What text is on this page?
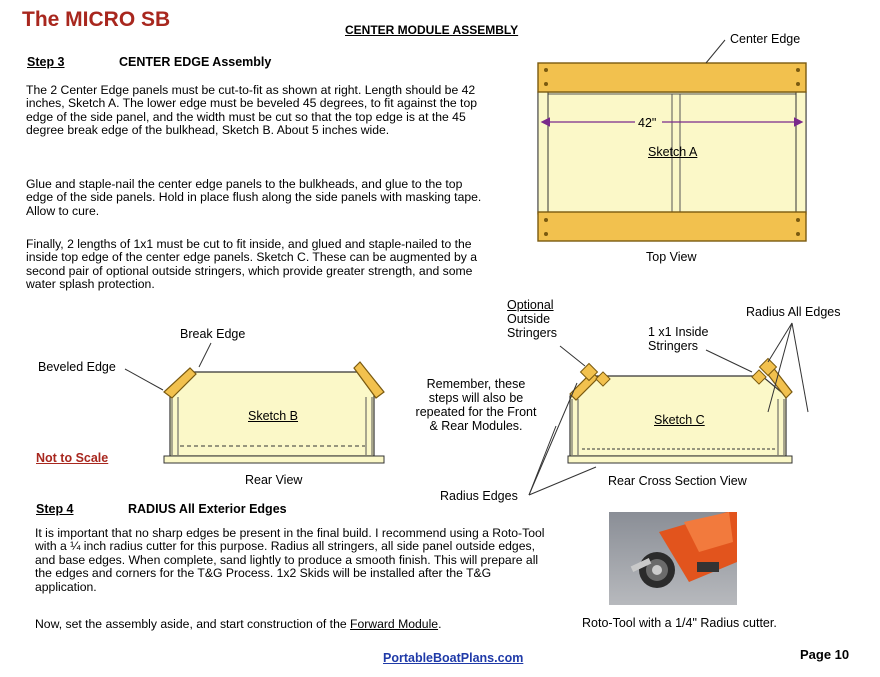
The MICRO SB	CENTER MODULE ASSEMBLY
Step 3	CENTER EDGE Assembly
The 2 Center Edge panels must be cut-to-fit as shown at right. Length should be 42 inches, Sketch A. The lower edge must be beveled 45 degrees, to fit against the top edge of the side panel, and the width must be cut so that the top edge is at the 45 degree break edge of the bulkhead, Sketch B. About 5 inches wide.
Glue and staple-nail the center edge panels to the bulkheads, and glue to the top edge of the side panels. Hold in place flush along the side panels with masking tape. Allow to cure.
Finally, 2 lengths of 1x1 must be cut to fit inside, and glued and staple-nailed to the inside top edge of the center edge panels. Sketch C. These can be augmented by a second pair of optional outside stringers, which provide greater strength, and some water splash protection.
Center Edge
42"
Sketch A
Top View
Break Edge
Beveled Edge
Sketch B
Rear View
Not to Scale
Remember, these steps will also be repeated for the Front & Rear Modules.
Optional
Outside
Stringers	1 x1 Inside
Stringers
Radius All Edges
Sketch C
Radius Edges
Rear Cross Section View
Step 4	RADIUS All Exterior Edges
It is important that no sharp edges be present in the final build. I recommend using a Roto-Tool with a ¼ inch radius cutter for this purpose. Radius all stringers, all side panel outside edges, and base edges. When complete, sand lightly to produce a smooth finish. This will prepare all the edges and corners for the T&G Process. 1x2 Skids will be installed after the T&G application.
Now, set the assembly aside, and start construction of the Forward Module.	Roto-Tool with a 1/4" Radius cutter.
PortableBoatPlans.com	Page 10
